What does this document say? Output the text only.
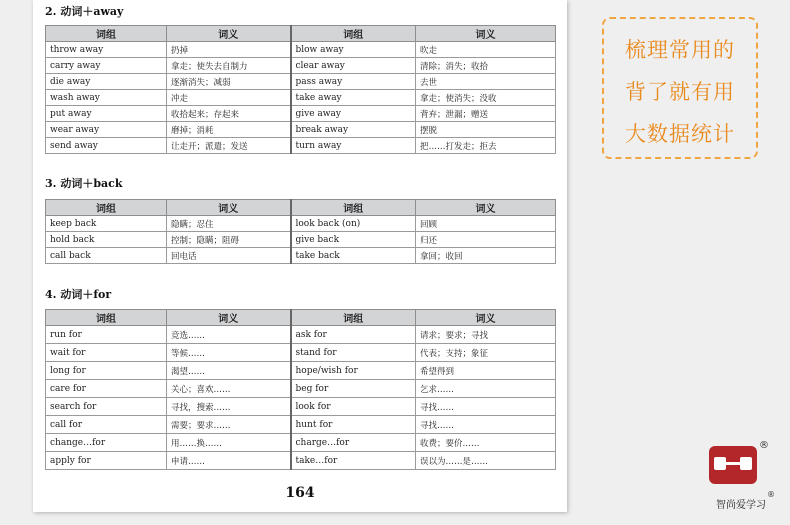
2. 动词＋away
词组	词义	词组	词义
throw away	扔掉	blow away	吹走
carry away	拿走；使失去自制力	clear away	清除；消失；收拾
die away	逐渐消失；减弱	pass away	去世
wash away	冲走	take away	拿走；使消失；没收
put away	收拾起来；存起来	give away	背弃；泄漏；赠送
wear away	磨掉；消耗	break away	摆脱
send away	让走开；派遣；发送	turn away	把……打发走；拒去
3. 动词＋back
词组	词义	词组	词义
keep back	隐瞒；忍住	look back (on)	回顾
hold back	控制；隐瞒；阻碍	give back	归还
call back	回电话	take back	拿回；收回
4. 动词＋for
词组	词义	词组	词义
run for	竞选……	ask for	请求；要求；寻找
wait for	等候……	stand for	代表；支持；象征
long for	渴望……	hope/wish for	希望得到
care for	关心；喜欢……	beg for	乞求……
search for	寻找，搜索……	look for	寻找……
call for	需要；要求……	hunt for	寻找……
change…for	用……换……	charge…for	收费；要价……
apply for	申请……	take…for	误以为……是……
164
梳理常用的
背了就有用
大数据统计
®
智尚爱学习
®
